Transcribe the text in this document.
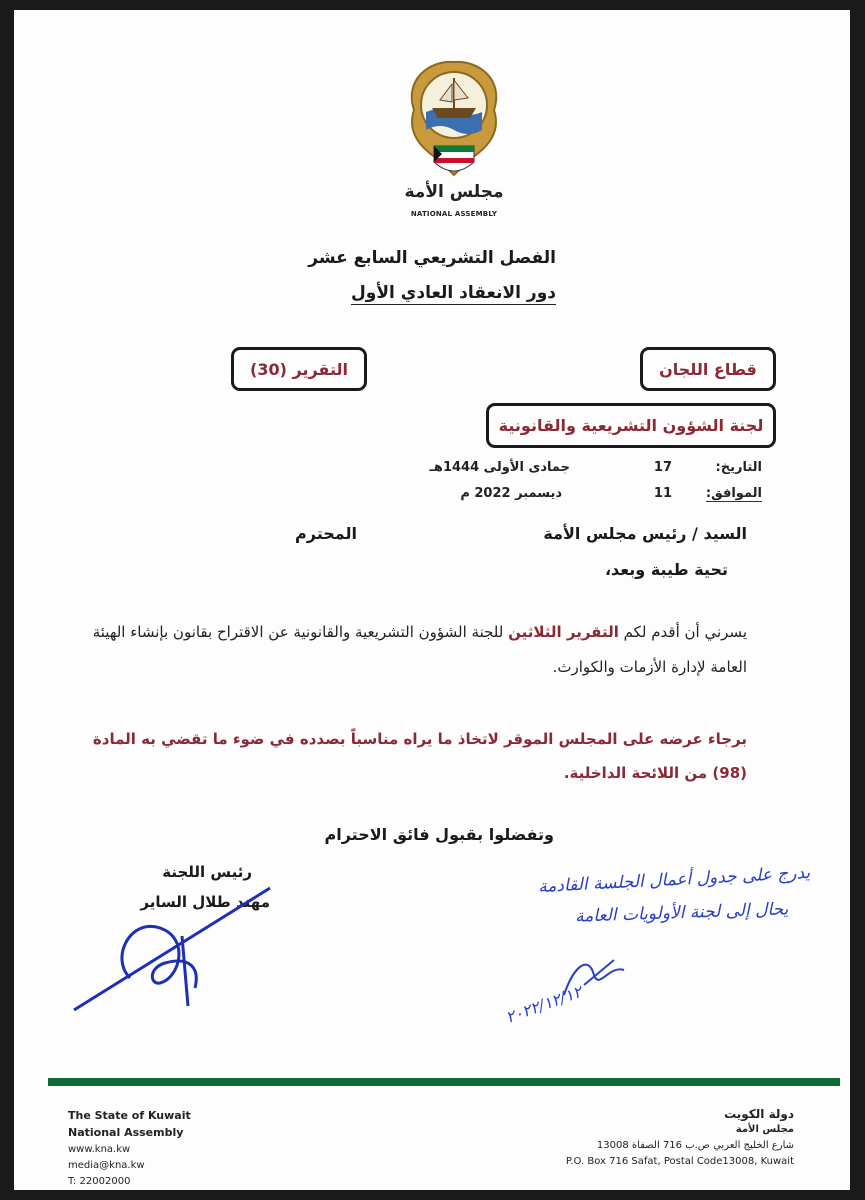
مجلس الأمة
NATIONAL ASSEMBLY
الفصل التشريعي السابع عشر
دور الانعقاد العادي الأول
التقرير (30)	قطاع اللجان
لجنة الشؤون التشريعية والقانونية
التاريخ:
17
جمادى الأولى 1444هـ
الموافق:
11
ديسمبر 2022 م
السيد / رئيس مجلس الأمة
المحترم
تحية طيبة وبعد،
يسرني أن أقدم لكم التقرير الثلاثين للجنة الشؤون التشريعية والقانونية عن الاقتراح بقانون بإنشاء الهيئة العامة لإدارة الأزمات والكوارث.
برجاء عرضه على المجلس الموقر لاتخاذ ما يراه مناسباً بصدده في ضوء ما تقضي به المادة (98) من اللائحة الداخلية.
وتفضلوا بقبول فائق الاحترام
رئيس اللجنة
مهند طلال الساير
يدرج على جدول أعمال الجلسة القادمة
يحال إلى لجنة الأولويات العامة
٢٠٢٢/١٢/١٢
The State of Kuwait
National Assembly
www.kna.kw
media@kna.kw
T: 22002000
دولة الكويت
مجلس الأمة
شارع الخليج العربي ص.ب 716 الصفاة 13008
P.O. Box 716 Safat, Postal Code13008, Kuwait
